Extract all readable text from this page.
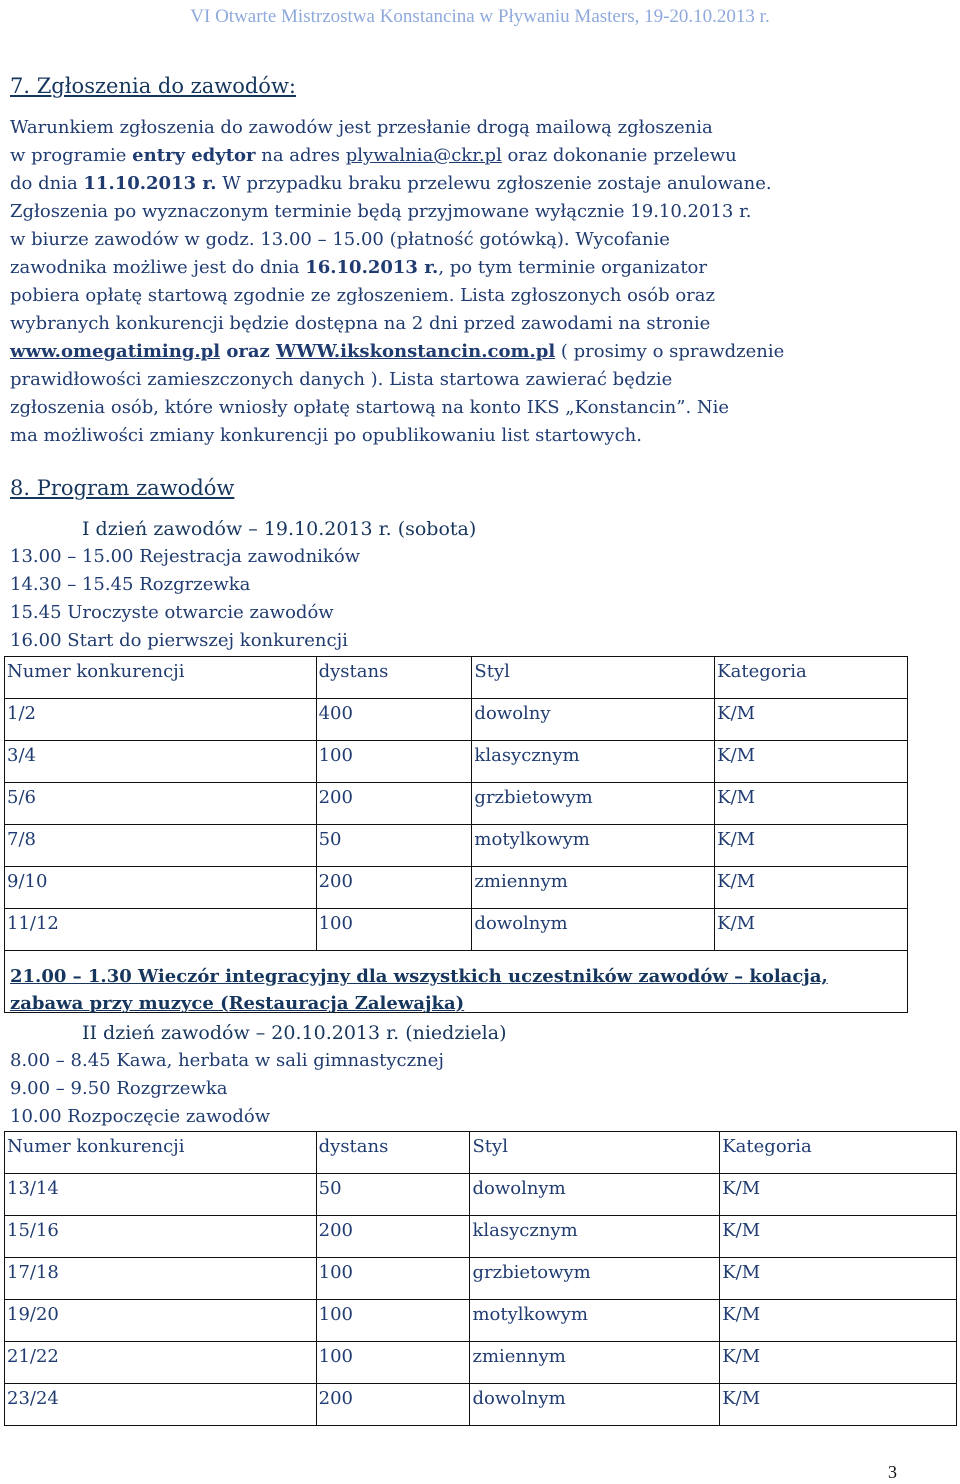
VI Otwarte Mistrzostwa Konstancina w Pływaniu Masters, 19-20.10.2013 r.
7. Zgłoszenia do zawodów:
Warunkiem zgłoszenia do zawodów jest przesłanie drogą mailową zgłoszenia
w programie entry edytor na adres plywalnia@ckr.pl oraz dokonanie przelewu
do dnia 11.10.2013 r. W przypadku braku przelewu zgłoszenie zostaje anulowane.
Zgłoszenia po wyznaczonym terminie będą przyjmowane wyłącznie 19.10.2013 r.
w biurze zawodów w godz. 13.00 – 15.00 (płatność gotówką). Wycofanie
zawodnika możliwe jest do dnia 16.10.2013 r., po tym terminie organizator
pobiera opłatę startową zgodnie ze zgłoszeniem. Lista zgłoszonych osób oraz
wybranych konkurencji będzie dostępna na 2 dni przed zawodami na stronie
www.omegatiming.pl oraz WWW.ikskonstancin.com.pl ( prosimy o sprawdzenie
prawidłowości zamieszczonych danych ). Lista startowa zawierać będzie
zgłoszenia osób, które wniosły opłatę startową na konto IKS „Konstancin”. Nie
ma możliwości zmiany konkurencji po opublikowaniu list startowych.
8. Program zawodów
I dzień zawodów – 19.10.2013 r. (sobota)
13.00 – 15.00 Rejestracja zawodników
14.30 – 15.45 Rozgrzewka
15.45 Uroczyste otwarcie zawodów
16.00 Start do pierwszej konkurencji
Numer konkurencji	dystans	Styl	Kategoria
1/2	400	dowolny	K/M
3/4	100	klasycznym	K/M
5/6	200	grzbietowym	K/M
7/8	50	motylkowym	K/M
9/10	200	zmiennym	K/M
11/12	100	dowolnym	K/M

21.00 – 1.30 Wieczór integracyjny dla wszystkich uczestników zawodów – kolacja,
zabawa przy muzyce (Restauracja Zalewajka)
II dzień zawodów – 20.10.2013 r. (niedziela)
8.00 – 8.45 Kawa, herbata w sali gimnastycznej
9.00 – 9.50 Rozgrzewka
10.00 Rozpoczęcie zawodów
Numer konkurencji	dystans	Styl	Kategoria
13/14	50	dowolnym	K/M
15/16	200	klasycznym	K/M
17/18	100	grzbietowym	K/M
19/20	100	motylkowym	K/M
21/22	100	zmiennym	K/M
23/24	200	dowolnym	K/M
3
